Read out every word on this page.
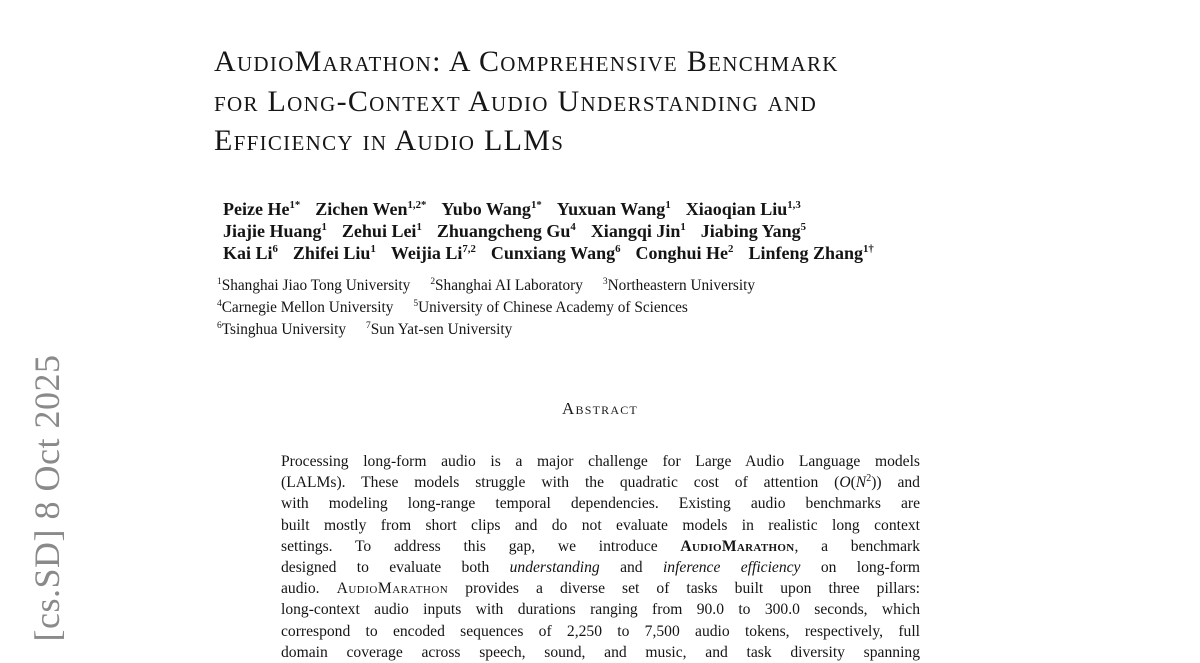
[cs.SD] 8 Oct 2025
AudioMarathon: A Comprehensive Benchmark
for Long-Context Audio Understanding and
Efficiency in Audio LLMs
Peize $He^{1*}$ Zichen Wen$^{1,2*}$ Yubo Wang$^{1*}$ Yuxuan Wang$^1$ Xiaoqian Liu$^{1,3}$
Jiajie Huang$^1$ Zehui Lei$^1$ Zhuangcheng Gu$^4$ Xiangqi Jin$^1$ Jiabing Yang$^5$
Kai Li$^6$ Zhifei Liu$^1$ Weijia Li$^{7,2}$ Cunxiang Wang$^6$ Conghui He$^2$ Linfeng Zhang$^{1\dagger}$
$^1$Shanghai Jiao Tong University $^2$Shanghai AI Laboratory $^3$Northeastern University
$^4$Carnegie Mellon University $^5$University of Chinese Academy of Sciences
$^6$Tsinghua University $^7$Sun Yat-sen University
Abstract
Processing long-form audio is a major challenge for Large Audio Language models
(LALMs). These models struggle with the quadratic cost of attention $(O(N^2))$ and
with modeling long-range temporal dependencies. Existing audio benchmarks are
built mostly from short clips and do not evaluate models in realistic long context
settings. To address this gap, we introduce AudioMarathon, a benchmark
designed to evaluate both understanding and inference efficiency on long-form
audio. AudioMarathon provides a diverse set of tasks built upon three pillars:
long-context audio inputs with durations ranging from 90.0 to 300.0 seconds, which
correspond to encoded sequences of 2,250 to 7,500 audio tokens, respectively, full
domain coverage across speech, sound, and music, and task diversity spanning
